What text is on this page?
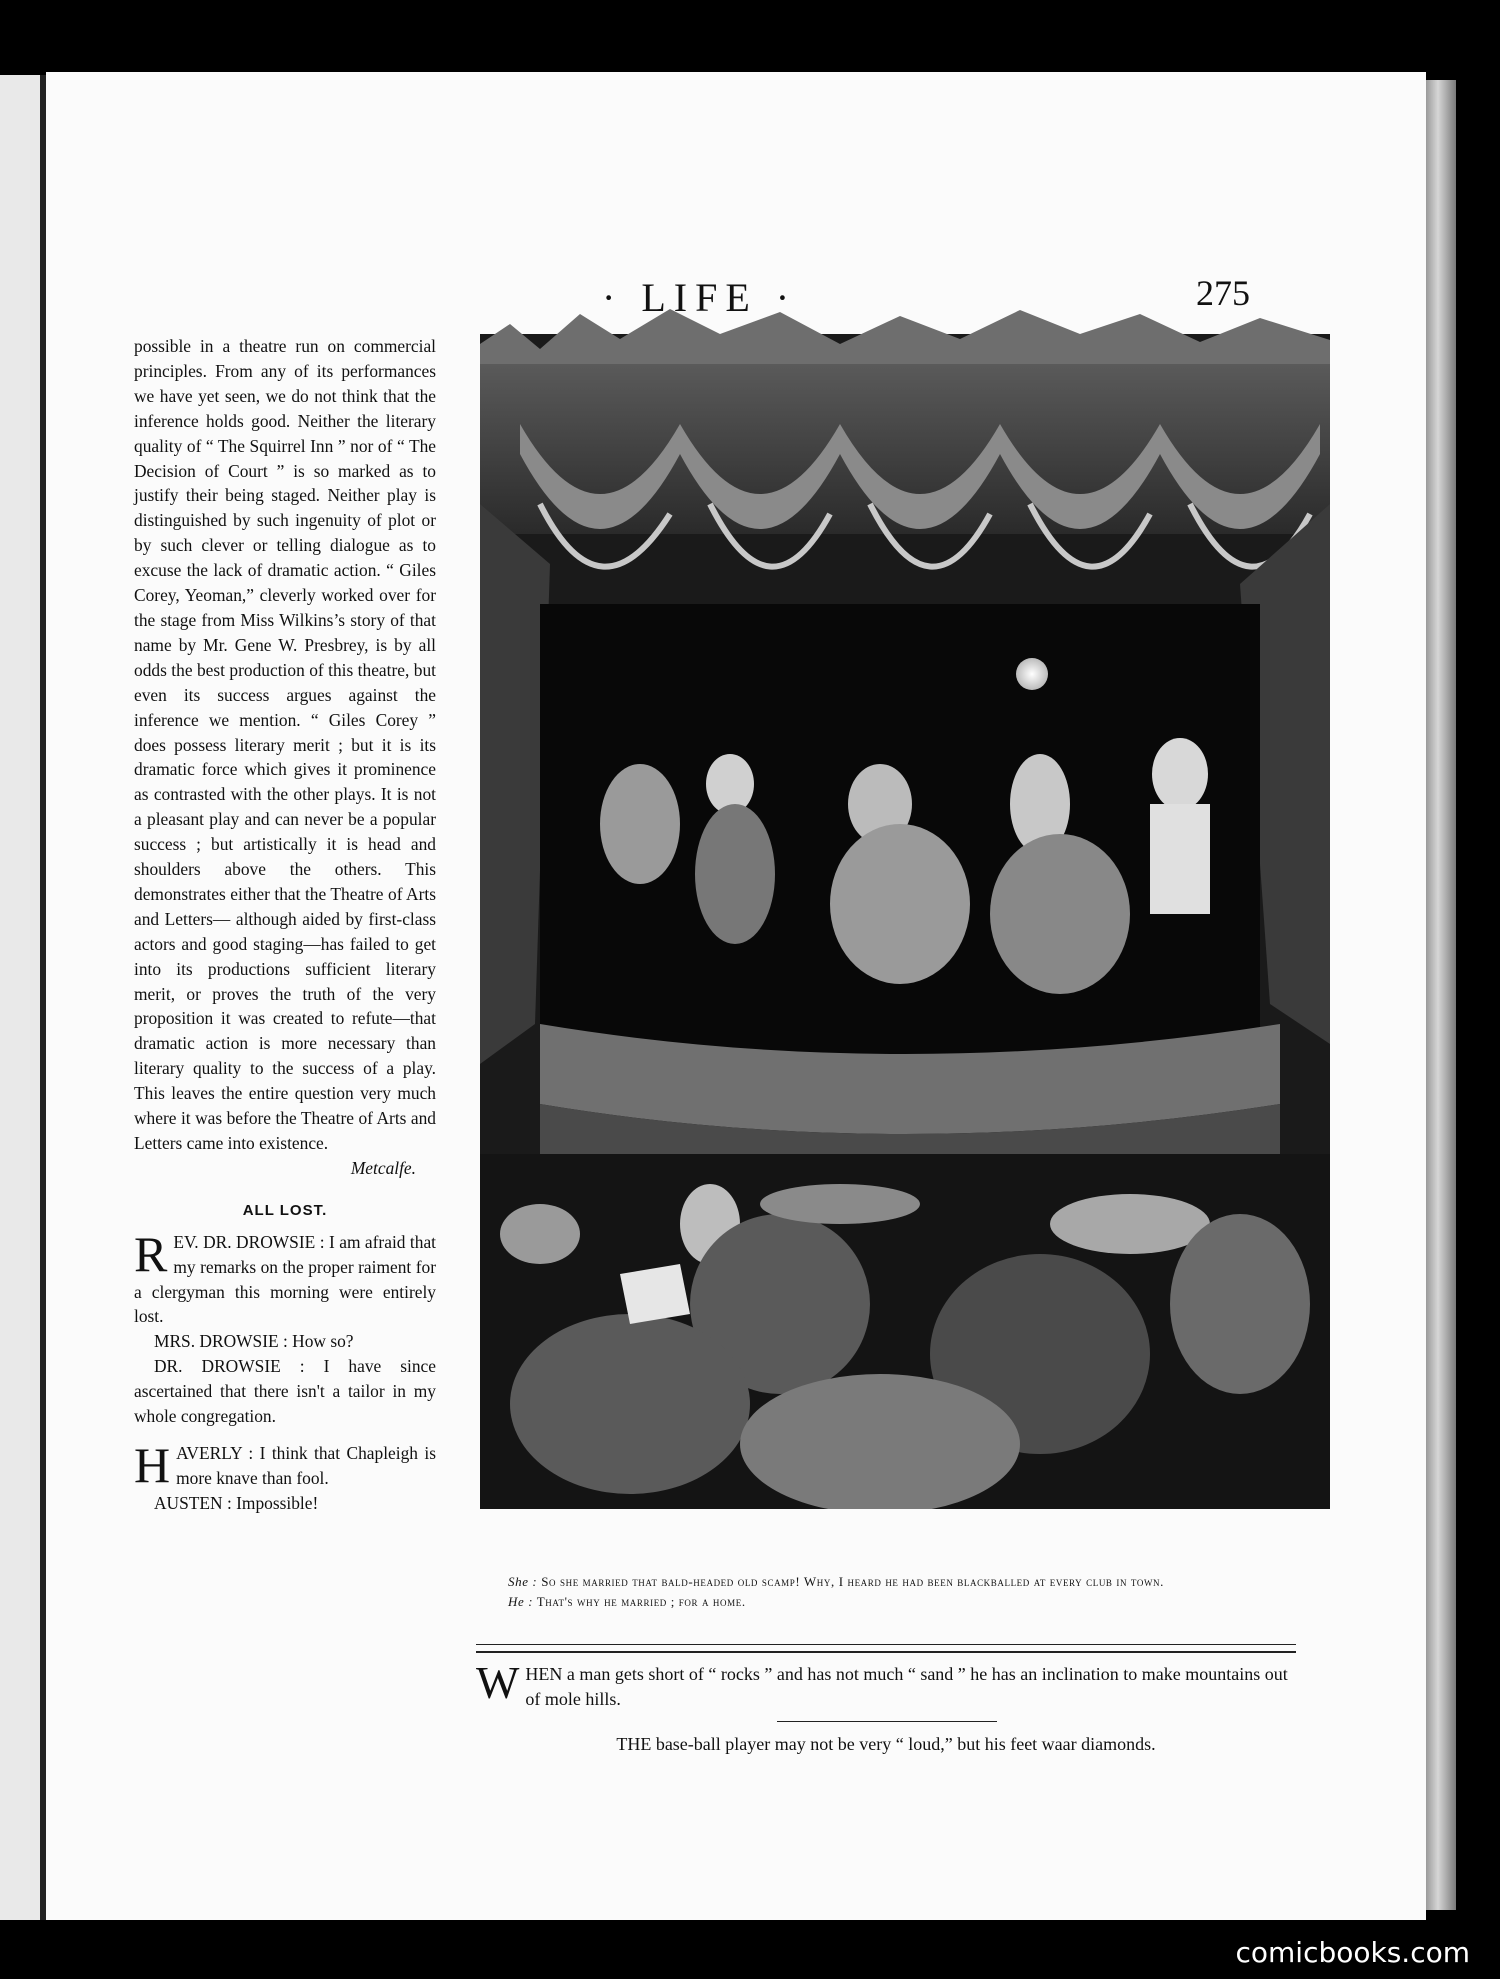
· LIFE ·	275

possible in a theatre run on commercial principles. From any of its performances we have yet seen, we do not think that the inference holds good. Neither the literary quality of “ The Squirrel Inn ” nor of “ The Decision of Court ” is so marked as to justify their being staged. Neither play is distinguished by such ingenuity of plot or by such clever or telling dialogue as to excuse the lack of dramatic action. “ Giles Corey, Yeoman,” cleverly worked over for the stage from Miss Wilkins’s story of that name by Mr. Gene W. Presbrey, is by all odds the best production of this theatre, but even its success argues against the inference we mention. “ Giles Corey ” does possess literary merit ; but it is its dramatic force which gives it prominence as contrasted with the other plays. It is not a pleasant play and can never be a popular success ; but artistically it is head and shoulders above the others. This demonstrates either that the Theatre of Arts and Letters— although aided by first-class actors and good staging—has failed to get into its productions sufficient literary merit, or proves the truth of the very proposition it was created to refute—that dramatic action is more necessary than literary quality to the success of a play. This leaves the entire question very much where it was before the Theatre of Arts and Letters came into existence.

Metcalfe.

ALL LOST.

REV. DR. DROWSIE : I am afraid that my remarks on the proper raiment for a clergyman this morning were entirely lost.

MRS. DROWSIE : How so?

DR. DROWSIE : I have since ascertained that there isn't a tailor in my whole congregation.

HAVERLY : I think that Chapleigh is more knave than fool.

AUSTEN : Impossible!

She : So she married that bald-headed old scamp! Why, I heard he had been blackballed at every club in town.

He : That's why he married ; for a home.

WHEN a man gets short of “ rocks ” and has not much “ sand ” he has an inclination to make mountains out of mole hills.
THE base-ball player may not be very “ loud,” but his feet waar diamonds.
comicbooks.com
